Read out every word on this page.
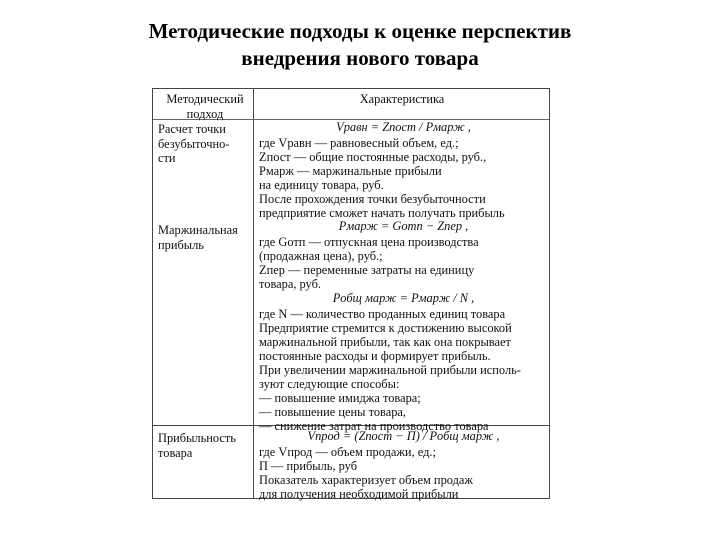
Методические подходы к оценке перспектив
внедрения нового товара
Методический
подход
Характеристика
Расчет точки
безубыточно-
сти
Vравн = Zпост / Pмарж ,
где Vравн — равновесный объем, ед.;
Zпост — общие постоянные расходы, руб.,
Pмарж — маржинальные прибыли
на единицу товара, руб.
После прохождения точки безубыточности
предприятие сможет начать получать прибыль
Маржинальная
прибыль
Pмарж = Gотп − Zпер ,
где Gотп — отпускная цена производства
(продажная цена), руб.;
Zпер — переменные затраты на единицу
товара, руб.
Pобщ марж = Pмарж / N ,
где N — количество проданных единиц товара
Предприятие стремится к достижению высокой
маржинальной прибыли, так как она покрывает
постоянные расходы и формирует прибыль.
При увеличении маржинальной прибыли исполь-
зуют следующие способы:
— повышение имиджа товара;
— повышение цены товара,
— снижение затрат на производство товара
Прибыльность
товара
Vпрод = (Zпост − П) / Pобщ марж ,
где Vпрод — объем продажи, ед.;
П — прибыль, руб
Показатель характеризует объем продаж
для получения необходимой прибыли
